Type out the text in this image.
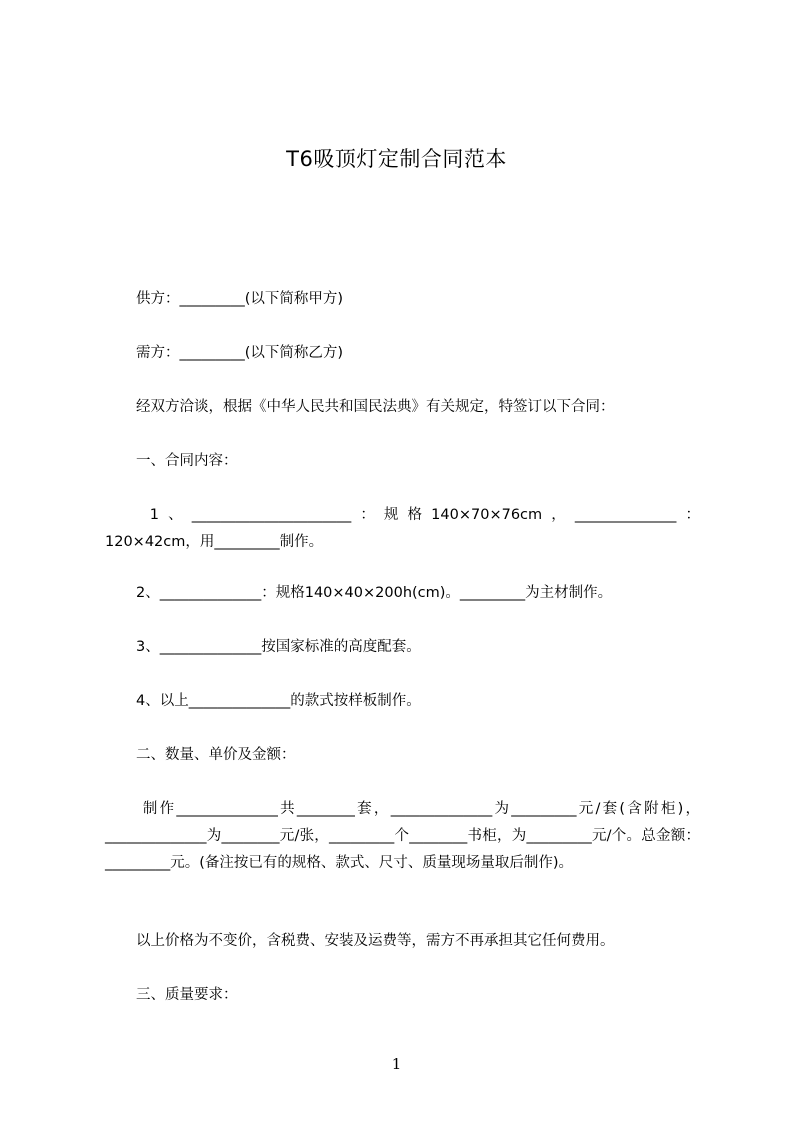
T6吸顶灯定制合同范本
供方：_________(以下简称甲方)
需方：_________(以下简称乙方)
经双方洽谈，根据《中华人民共和国民法典》有关规定，特签订以下合同：
一、合同内容：
1、______________________：规格140×70×76cm，______________：120×42cm，用_________制作。
2、______________：规格140×40×200h(cm)。_________为主材制作。
3、______________按国家标准的高度配套。
4、以上______________的款式按样板制作。
二、数量、单价及金额：
制作______________共________套，______________为_________元/套(含附柜)，______________为________元/张，_________个________书柜，为_________元/个。总金额：_________元。(备注按已有的规格、款式、尺寸、质量现场量取后制作)。
以上价格为不变价，含税费、安装及运费等，需方不再承担其它任何费用。
三、质量要求：
1
